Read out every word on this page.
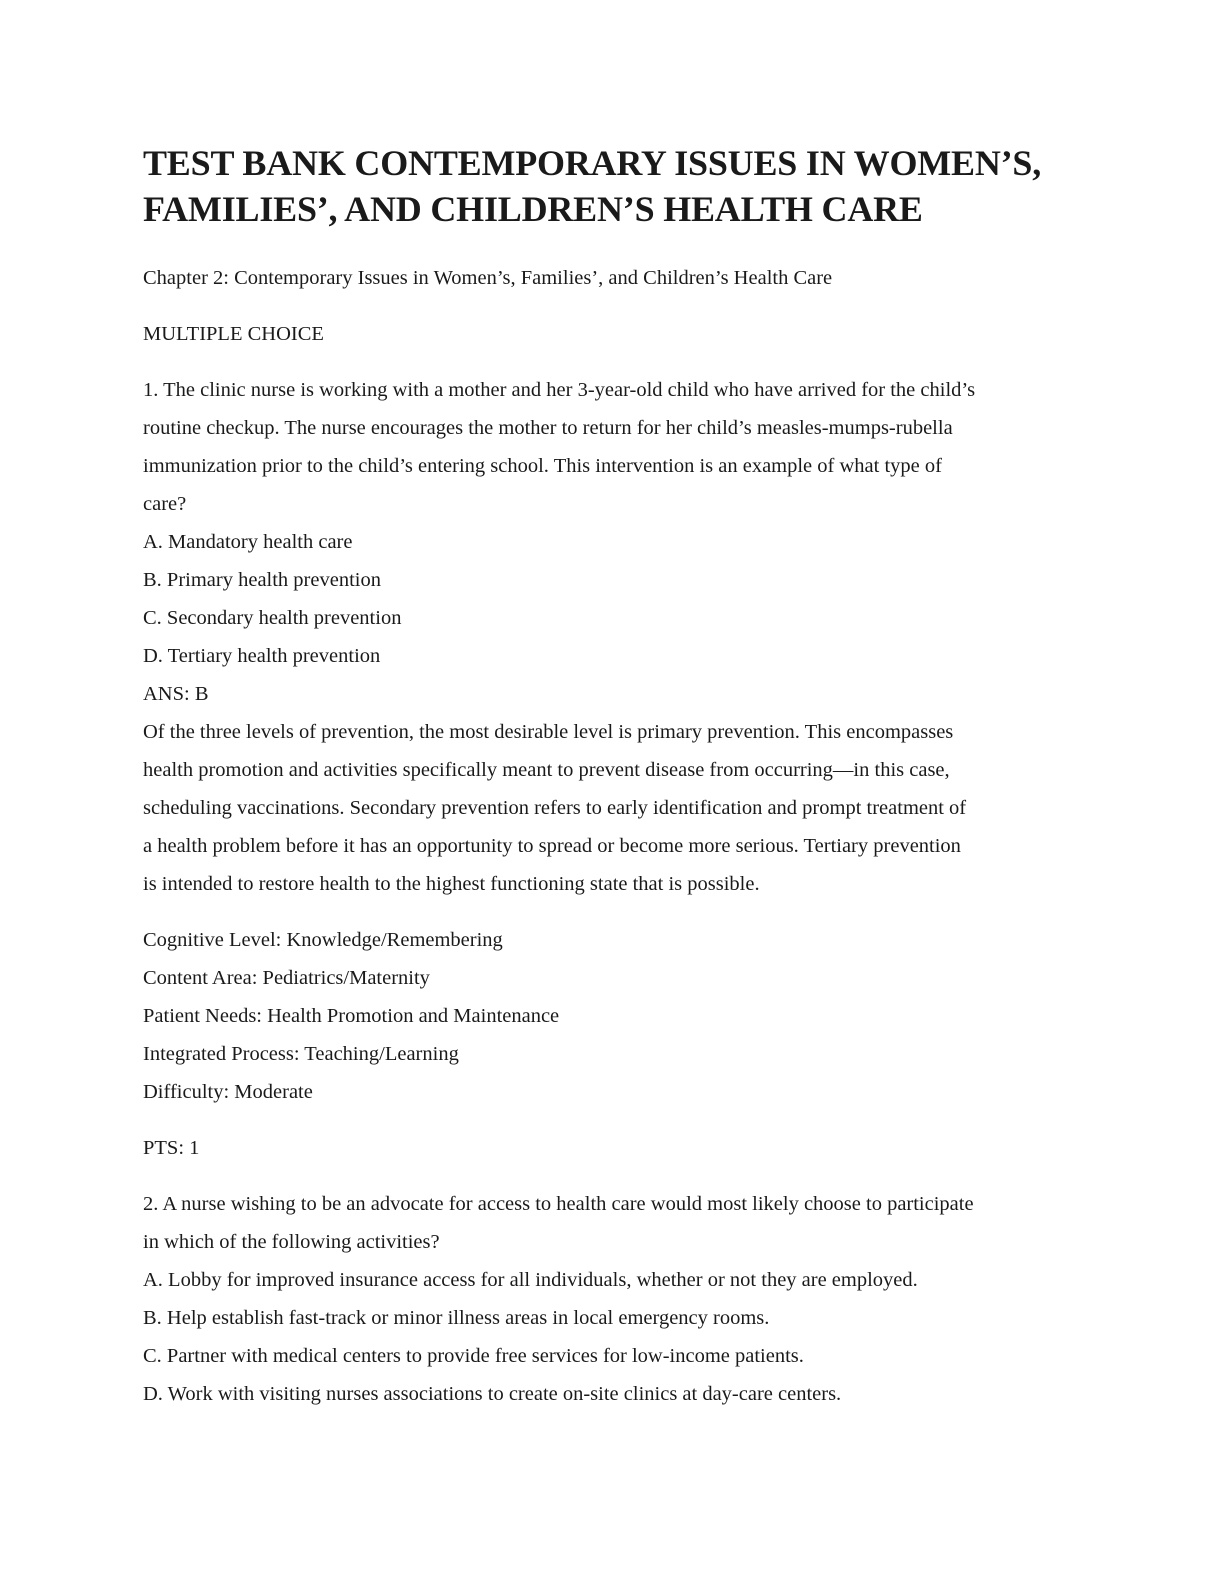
TEST BANK CONTEMPORARY ISSUES IN WOMEN’S,
FAMILIES’, AND CHILDREN’S HEALTH CARE

Chapter 2: Contemporary Issues in Women’s, Families’, and Children’s Health Care

MULTIPLE CHOICE

1. The clinic nurse is working with a mother and her 3-year-old child who have arrived for the child’s
routine checkup. The nurse encourages the mother to return for her child’s measles-mumps-rubella
immunization prior to the child’s entering school. This intervention is an example of what type of
care?

A. Mandatory health care
B. Primary health prevention
C. Secondary health prevention
D. Tertiary health prevention

ANS: B

Of the three levels of prevention, the most desirable level is primary prevention. This encompasses
health promotion and activities specifically meant to prevent disease from occurring—in this case,
scheduling vaccinations. Secondary prevention refers to early identification and prompt treatment of
a health problem before it has an opportunity to spread or become more serious. Tertiary prevention
is intended to restore health to the highest functioning state that is possible.

Cognitive Level: Knowledge/Remembering
Content Area: Pediatrics/Maternity
Patient Needs: Health Promotion and Maintenance
Integrated Process: Teaching/Learning
Difficulty: Moderate

PTS: 1

2. A nurse wishing to be an advocate for access to health care would most likely choose to participate
in which of the following activities?

A. Lobby for improved insurance access for all individuals, whether or not they are employed.
B. Help establish fast-track or minor illness areas in local emergency rooms.
C. Partner with medical centers to provide free services for low-income patients.
D. Work with visiting nurses associations to create on-site clinics at day-care centers.
